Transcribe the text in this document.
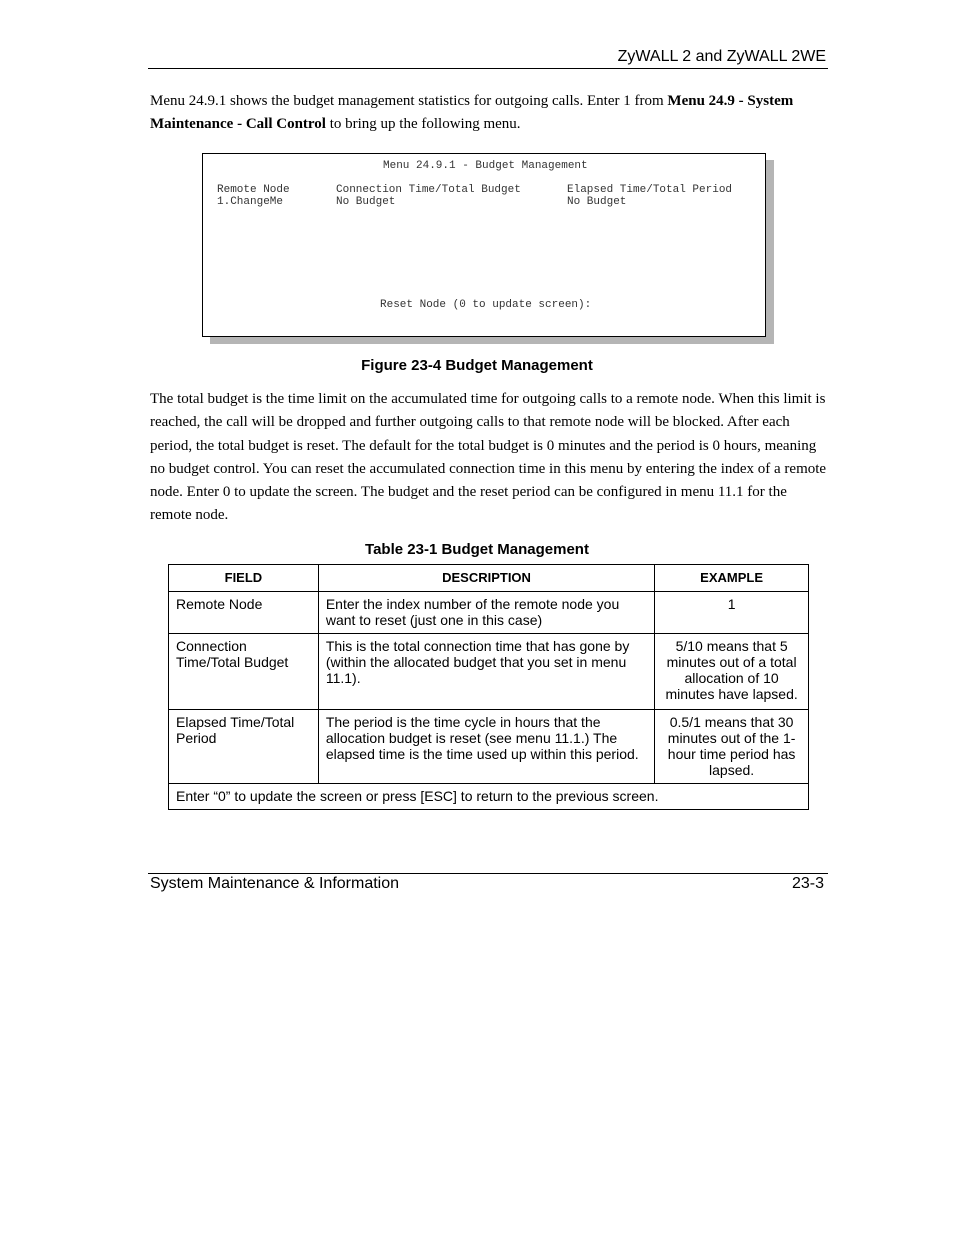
ZyWALL 2 and ZyWALL 2WE
Menu 24.9.1 shows the budget management statistics for outgoing calls. Enter 1 from Menu 24.9 - System Maintenance - Call Control to bring up the following menu.
Menu 24.9.1 - Budget Management
Remote Node	Connection Time/Total Budget	Elapsed Time/Total Period
1.ChangeMe	No Budget	No Budget
Reset Node (0 to update screen):
Figure 23-4 Budget Management
The total budget is the time limit on the accumulated time for outgoing calls to a remote node. When this limit is reached, the call will be dropped and further outgoing calls to that remote node will be blocked. After each period, the total budget is reset. The default for the total budget is 0 minutes and the period is 0 hours, meaning no budget control. You can reset the accumulated connection time in this menu by entering the index of a remote node. Enter 0 to update the screen. The budget and the reset period can be configured in menu 11.1 for the remote node.
Table 23-1 Budget Management
FIELD	DESCRIPTION	EXAMPLE
Remote Node	Enter the index number of the remote node you want to reset (just one in this case)	1
Connection Time/Total Budget	This is the total connection time that has gone by (within the allocated budget that you set in menu 11.1).	5/10 means that 5 minutes out of a total allocation of 10 minutes have lapsed.
Elapsed Time/Total Period	The period is the time cycle in hours that the allocation budget is reset (see menu 11.1.) The elapsed time is the time used up within this period.	0.5/1 means that 30 minutes out of the 1-hour time period has lapsed.
Enter “0” to update the screen or press [ESC] to return to the previous screen.		
System Maintenance & Information	23-3
